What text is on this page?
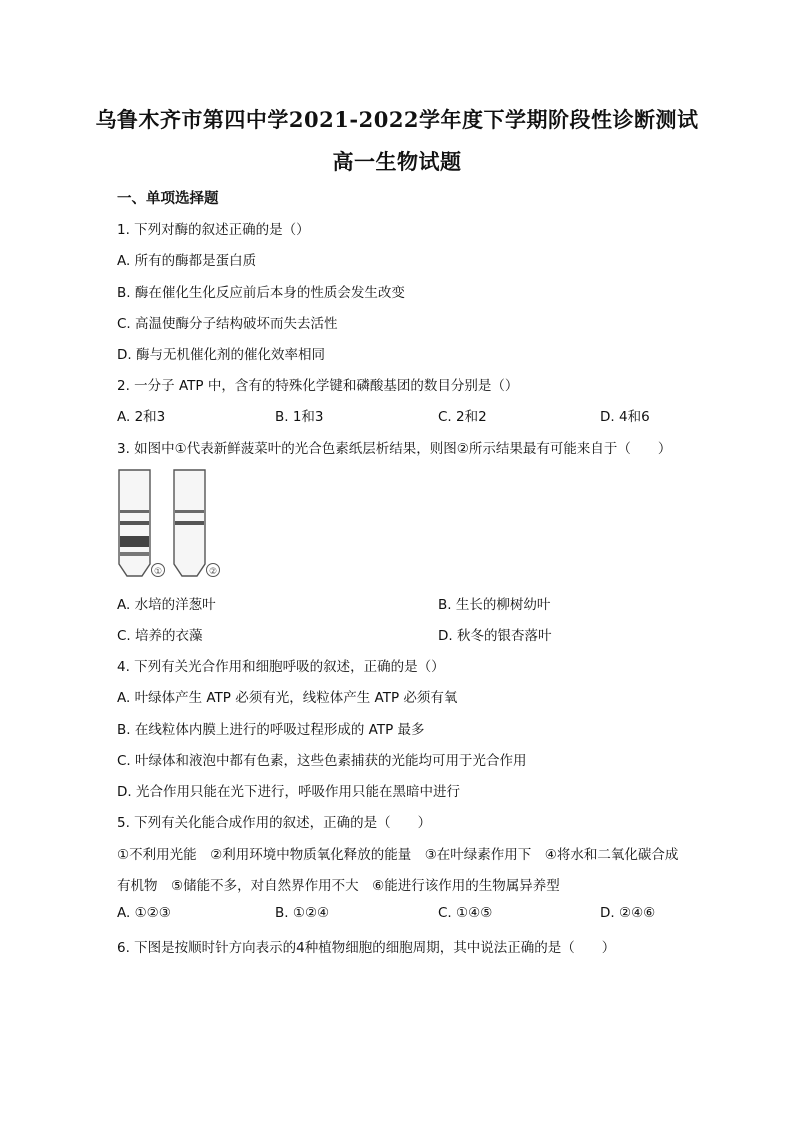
乌鲁木齐市第四中学2021-2022学年度下学期阶段性诊断测试
高一生物试题
一、单项选择题
1. 下列对酶的叙述正确的是（）
A. 所有的酶都是蛋白质
B. 酶在催化生化反应前后本身的性质会发生改变
C. 高温使酶分子结构破坏而失去活性
D. 酶与无机催化剂的催化效率相同
2. 一分子 ATP 中，含有的特殊化学键和磷酸基团的数目分别是（）
A. 2和3	B. 1和3	C. 2和2	D. 4和6
3. 如图中①代表新鲜菠菜叶的光合色素纸层析结果，则图②所示结果最有可能来自于（　　）
①	②
A. 水培的洋葱叶	B. 生长的柳树幼叶
C. 培养的衣藻	D. 秋冬的银杏落叶
4. 下列有关光合作用和细胞呼吸的叙述，正确的是（）
A. 叶绿体产生 ATP 必须有光，线粒体产生 ATP 必须有氧
B. 在线粒体内膜上进行的呼吸过程形成的 ATP 最多
C. 叶绿体和液泡中都有色素，这些色素捕获的光能均可用于光合作用
D. 光合作用只能在光下进行，呼吸作用只能在黑暗中进行
5. 下列有关化能合成作用的叙述，正确的是（　　）
①不利用光能　②利用环境中物质氧化释放的能量　③在叶绿素作用下　④将水和二氧化碳合成
有机物　⑤储能不多，对自然界作用不大　⑥能进行该作用的生物属异养型
A. ①②③	B. ①②④	C. ①④⑤	D. ②④⑥
6. 下图是按顺时针方向表示的4种植物细胞的细胞周期，其中说法正确的是（　　）
